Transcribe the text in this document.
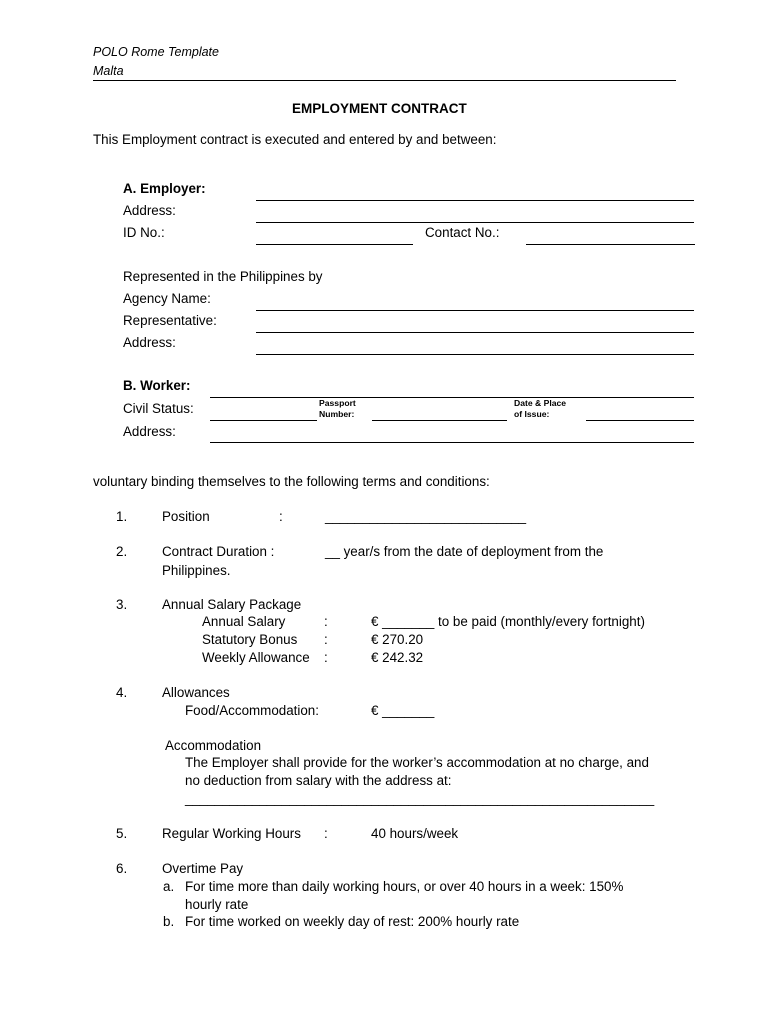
POLO Rome Template
Malta
EMPLOYMENT CONTRACT
This Employment contract is executed and entered by and between:
A. Employer:
Address:
ID No.:	Contact No.:
Represented in the Philippines by
Agency Name:
Representative:
Address:
B. Worker:
Civil Status:	Passport
Number:
Date & Place
of Issue:
Address:
voluntary binding themselves to the following terms and conditions:
1.	Position	:	___________________________
2.	Contract Duration :	__ year/s from the date of deployment from the
Philippines.
3.	Annual Salary Package
Annual Salary	:	€ _______ to be paid (monthly/every fortnight)
Statutory Bonus :	€ 270.20
Weekly Allowance :	€ 242.32
4.	Allowances
Food/Accommodation:	€ _______
Accommodation
The Employer shall provide for the worker’s accommodation at no charge, and
no deduction from salary with the address at:
_______________________________________________________________
5.	Regular Working Hours :	40 hours/week
6.	Overtime Pay
a. For time more than daily working hours, or over 40 hours in a week: 150%
hourly rate
b. For time worked on weekly day of rest: 200% hourly rate
